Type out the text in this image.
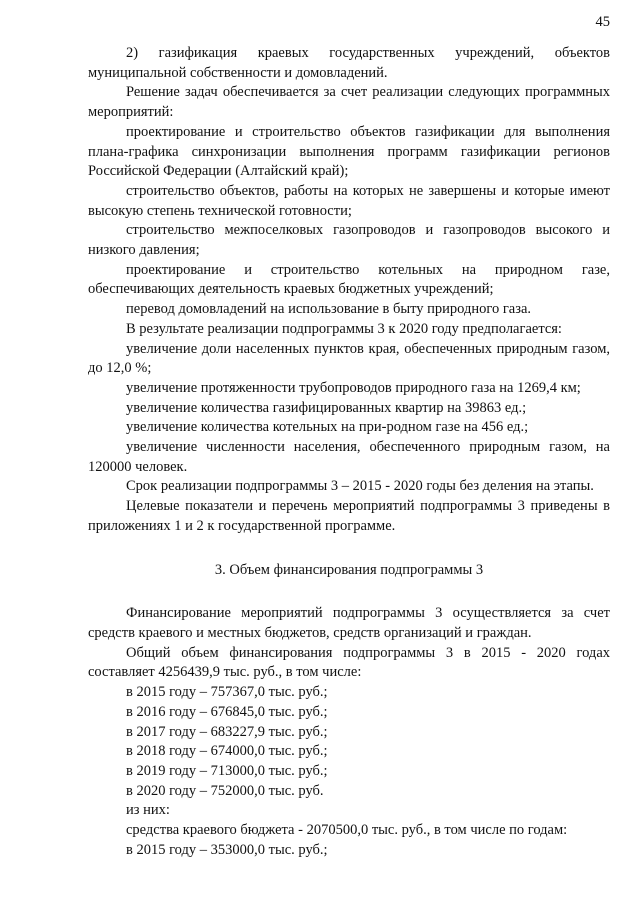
45

2) газификация краевых государственных учреждений, объектов муниципальной собственности и домовладений.

Решение задач обеспечивается за счет реализации следующих программных мероприятий:

проектирование и строительство объектов газификации для выполнения плана-графика синхронизации выполнения программ газификации регионов Российской Федерации (Алтайский край);

строительство объектов, работы на которых не завершены и которые имеют высокую степень технической готовности;

строительство межпоселковых газопроводов и газопроводов высокого и низкого давления;

проектирование и строительство котельных на природном газе, обеспечивающих деятельность краевых бюджетных учреждений;

перевод домовладений на использование в быту природного газа.

В результате реализации подпрограммы 3 к 2020 году предполагается:

увеличение доли населенных пунктов края, обеспеченных природным газом, до 12,0 %;

увеличение протяженности трубопроводов природного газа на 1269,4 км;

увеличение количества газифицированных квартир на 39863 ед.;

увеличение количества котельных на при-родном газе на 456 ед.;

увеличение численности населения, обеспеченного природным газом, на 120000 человек.

Срок реализации подпрограммы 3 – 2015 - 2020 годы без деления на этапы.

Целевые показатели и перечень мероприятий подпрограммы 3 приведены в приложениях 1 и 2 к государственной программе.

3. Объем финансирования подпрограммы 3

Финансирование мероприятий подпрограммы 3 осуществляется за счет средств краевого и местных бюджетов, средств организаций и граждан.

Общий объем финансирования подпрограммы 3 в 2015 - 2020 годах составляет 4256439,9 тыс. руб., в том числе:

в 2015 году – 757367,0 тыс. руб.;

в 2016 году – 676845,0 тыс. руб.;

в 2017 году – 683227,9 тыс. руб.;

в 2018 году – 674000,0 тыс. руб.;

в 2019 году – 713000,0 тыс. руб.;

в 2020 году – 752000,0 тыс. руб.

из них:

средства краевого бюджета - 2070500,0 тыс. руб., в том числе по годам:

в 2015 году – 353000,0 тыс. руб.;
